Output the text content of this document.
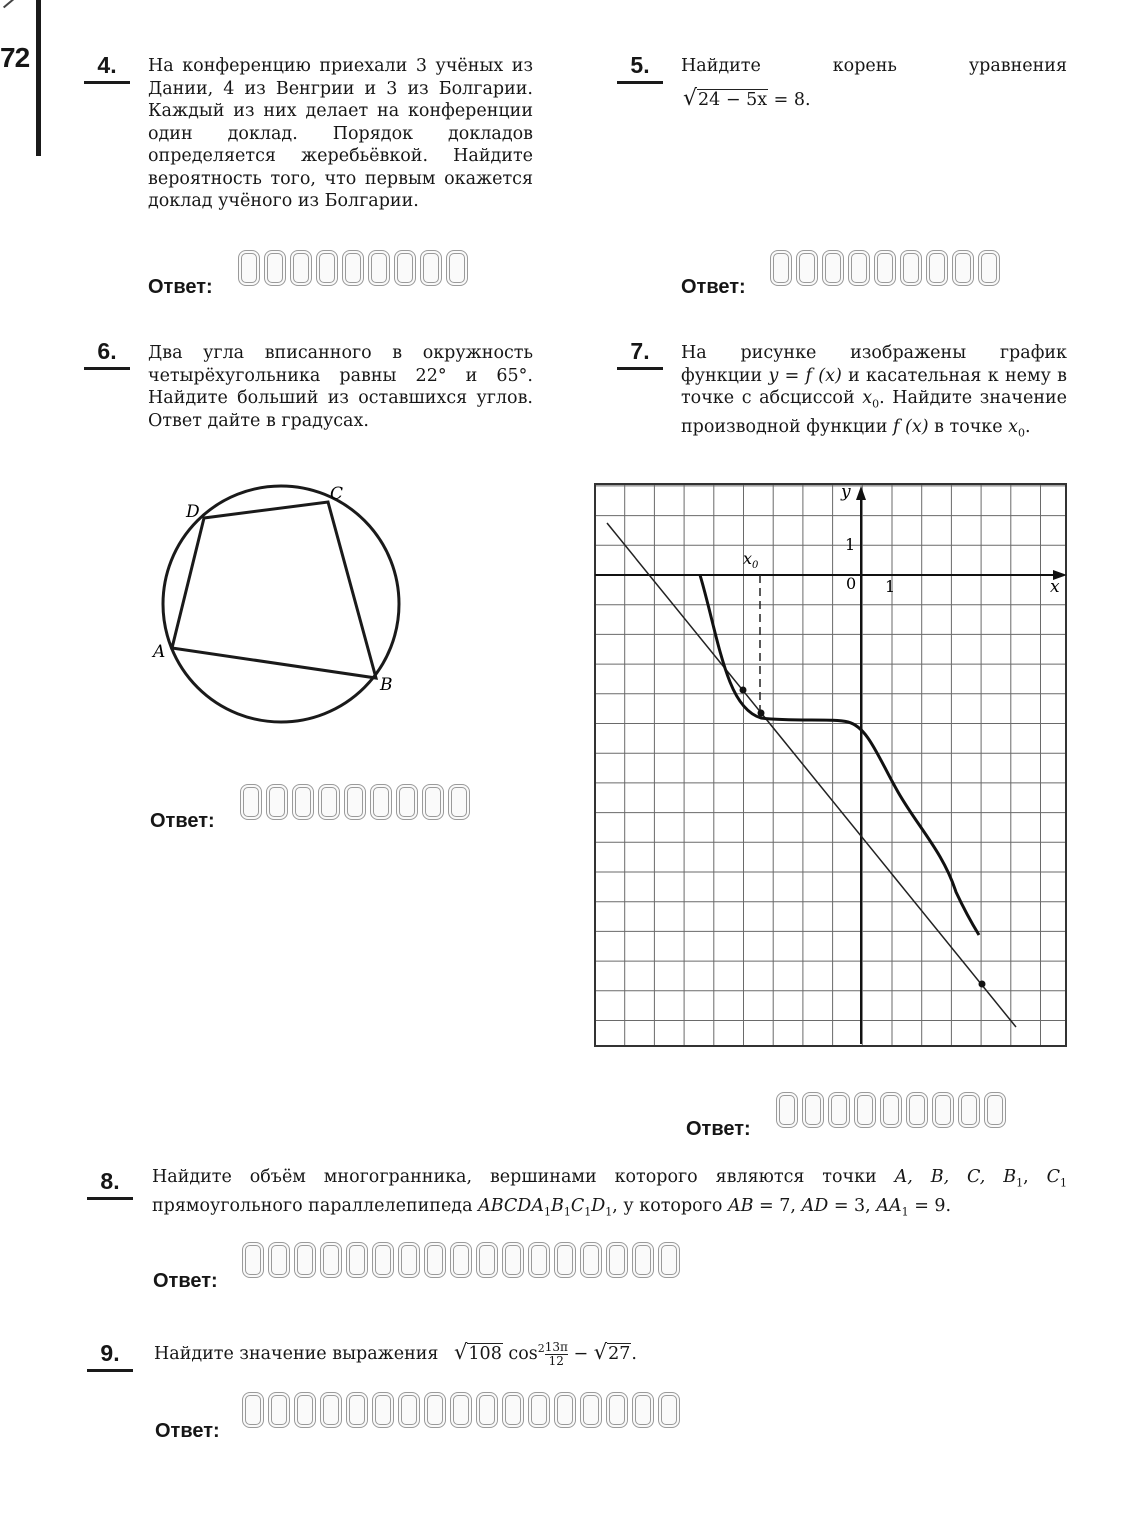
72	4.	На конференцию приехали 3 учёных из Дании, 4 из Венгрии и 3 из Болгарии. Каждый из них делает на конференции один доклад. Порядок докладов определяется жеребьёвкой. Найдите вероятность того, что первым окажется доклад учёного из Болгарии.
Ответ:
5.	Найдите корень уравнения
√24 − 5x = 8.
Ответ:
6.	Два угла вписанного в окружность четырёхугольника равны 22° и 65°. Найдите больший из оставшихся углов. Ответ дайте в градусах.
A
B
C
D
Ответ:
7.	На рисунке изображены график функции y = f (x) и касательная к нему в точке с абсциссой $x_0$. Найдите значение производной функции f (x) в точке $x_0$.
y
x
0 1
1
$x_0$
Ответ:
8.	Найдите объём многогранника, вершинами которого являются точки A, B, C, $B_1$, $C_1$ прямоугольного параллелепипеда $ABCDA_1B_1C_1D_1$, у которого AB = 7, AD = 3, $AA_1 = 9$.
Ответ:
9.	Найдите значение выражения √108 $\cos^2 \frac{13\pi}{12} - √27$.
Ответ:
